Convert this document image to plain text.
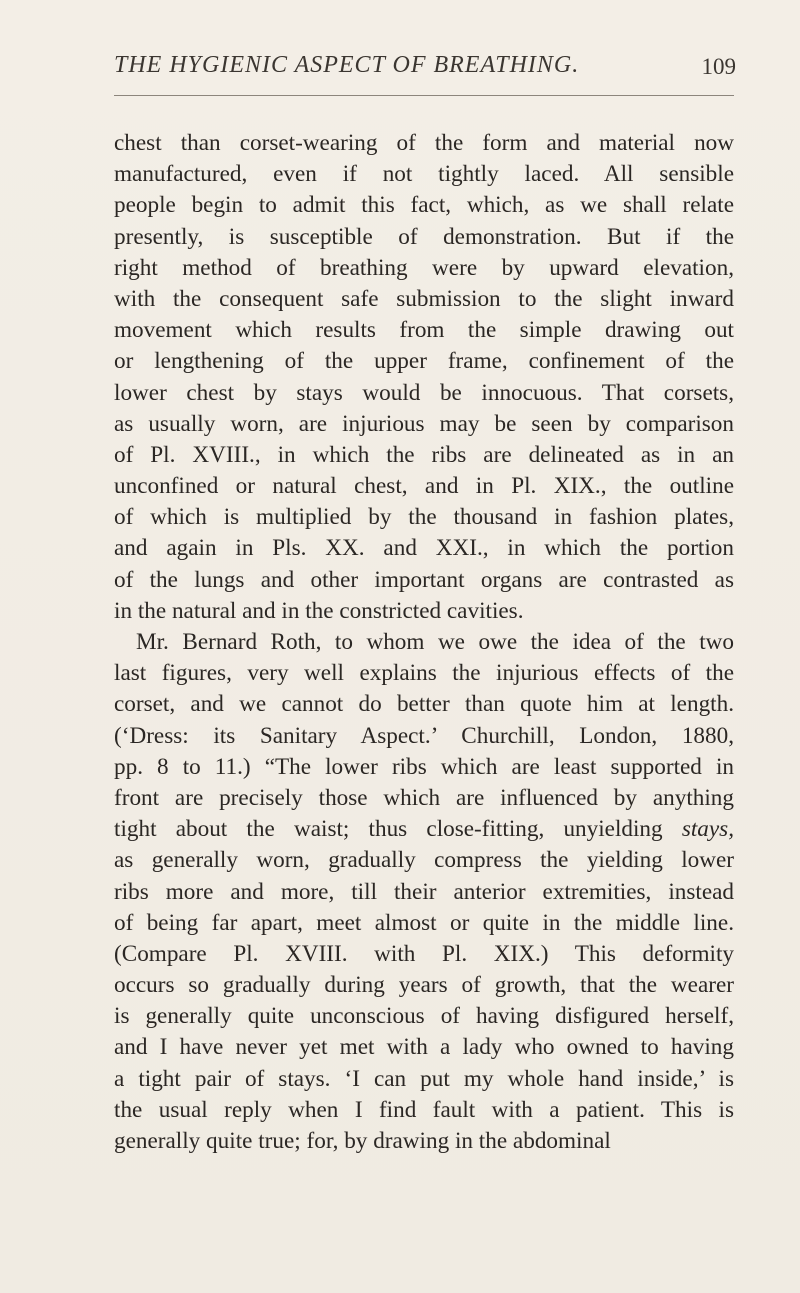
THE HYGIENIC ASPECT OF BREATHING.	109
chest than corset-wearing of the form and material now
manufactured, even if not tightly laced. All sensible
people begin to admit this fact, which, as we shall relate
presently, is susceptible of demonstration. But if the
right method of breathing were by upward elevation,
with the consequent safe submission to the slight inward
movement which results from the simple drawing out
or lengthening of the upper frame, confinement of the
lower chest by stays would be innocuous. That corsets,
as usually worn, are injurious may be seen by comparison
of Pl. XVIII., in which the ribs are delineated as in an
unconfined or natural chest, and in Pl. XIX., the outline
of which is multiplied by the thousand in fashion plates,
and again in Pls. XX. and XXI., in which the portion
of the lungs and other important organs are contrasted as
in the natural and in the constricted cavities.
Mr. Bernard Roth, to whom we owe the idea of the two
last figures, very well explains the injurious effects of the
corset, and we cannot do better than quote him at length.
(‘Dress: its Sanitary Aspect.’ Churchill, London, 1880,
pp. 8 to 11.) “The lower ribs which are least supported in
front are precisely those which are influenced by anything
tight about the waist; thus close-fitting, unyielding stays,
as generally worn, gradually compress the yielding lower
ribs more and more, till their anterior extremities, instead
of being far apart, meet almost or quite in the middle line.
(Compare Pl. XVIII. with Pl. XIX.) This deformity
occurs so gradually during years of growth, that the wearer
is generally quite unconscious of having disfigured herself,
and I have never yet met with a lady who owned to having
a tight pair of stays. ‘I can put my whole hand inside,’ is
the usual reply when I find fault with a patient. This is
generally quite true; for, by drawing in the abdominal
